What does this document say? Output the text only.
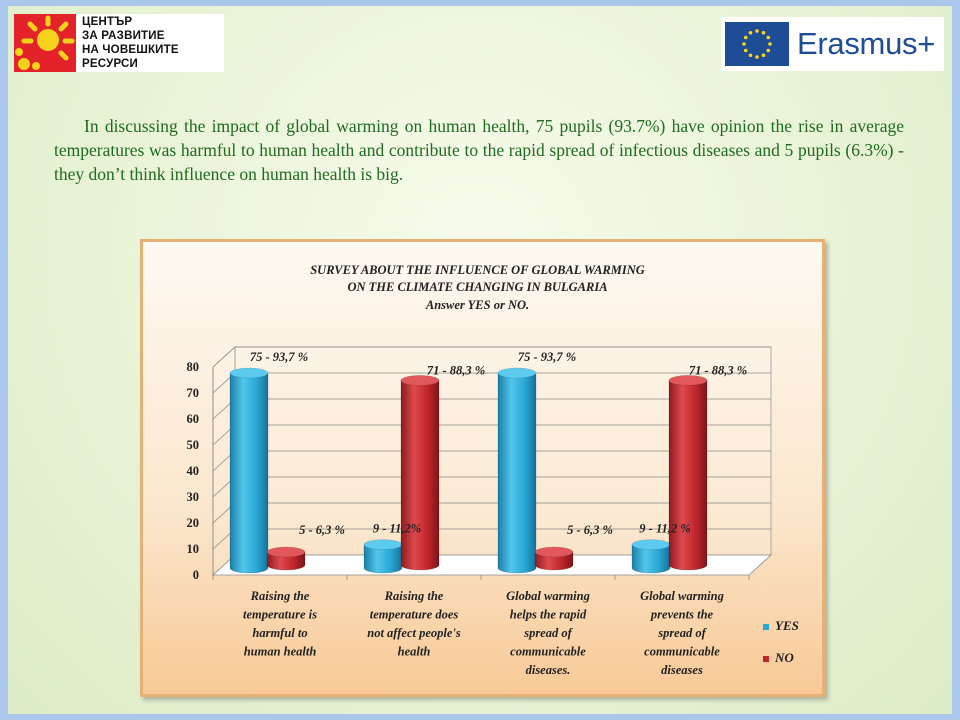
ЦЕНТЪР
ЗА РАЗВИТИЕ
НА ЧОВЕШКИТЕ
РЕСУРСИ
Erasmus+
In discussing the impact of global warming on human health, 75 pupils (93.7%) have opinion the rise in average temperatures was harmful to human health and contribute to the rapid spread of infectious diseases and 5 pupils (6.3%) - they don’t think influence on human health is big.
SURVEY ABOUT THE INFLUENCE OF GLOBAL WARMING
ON THE CLIMATE CHANGING IN BULGARIA
Answer YES or NO.
0
10
20
30
40
50
60
70
80
75 - 93,7 %
9 - 11,2%
75 - 93,7 %
9 - 11,2 %
5 - 6,3 %
71 - 88,3 %
5 - 6,3 %
71 - 88,3 %
Raising the
temperature is
harmful to
human health
Raising the
temperature does
not affect people's
health
Global warming
helps the rapid
spread of
communicable
diseases.
Global warming
prevents the
spread of
communicable
diseases
YES
NO
